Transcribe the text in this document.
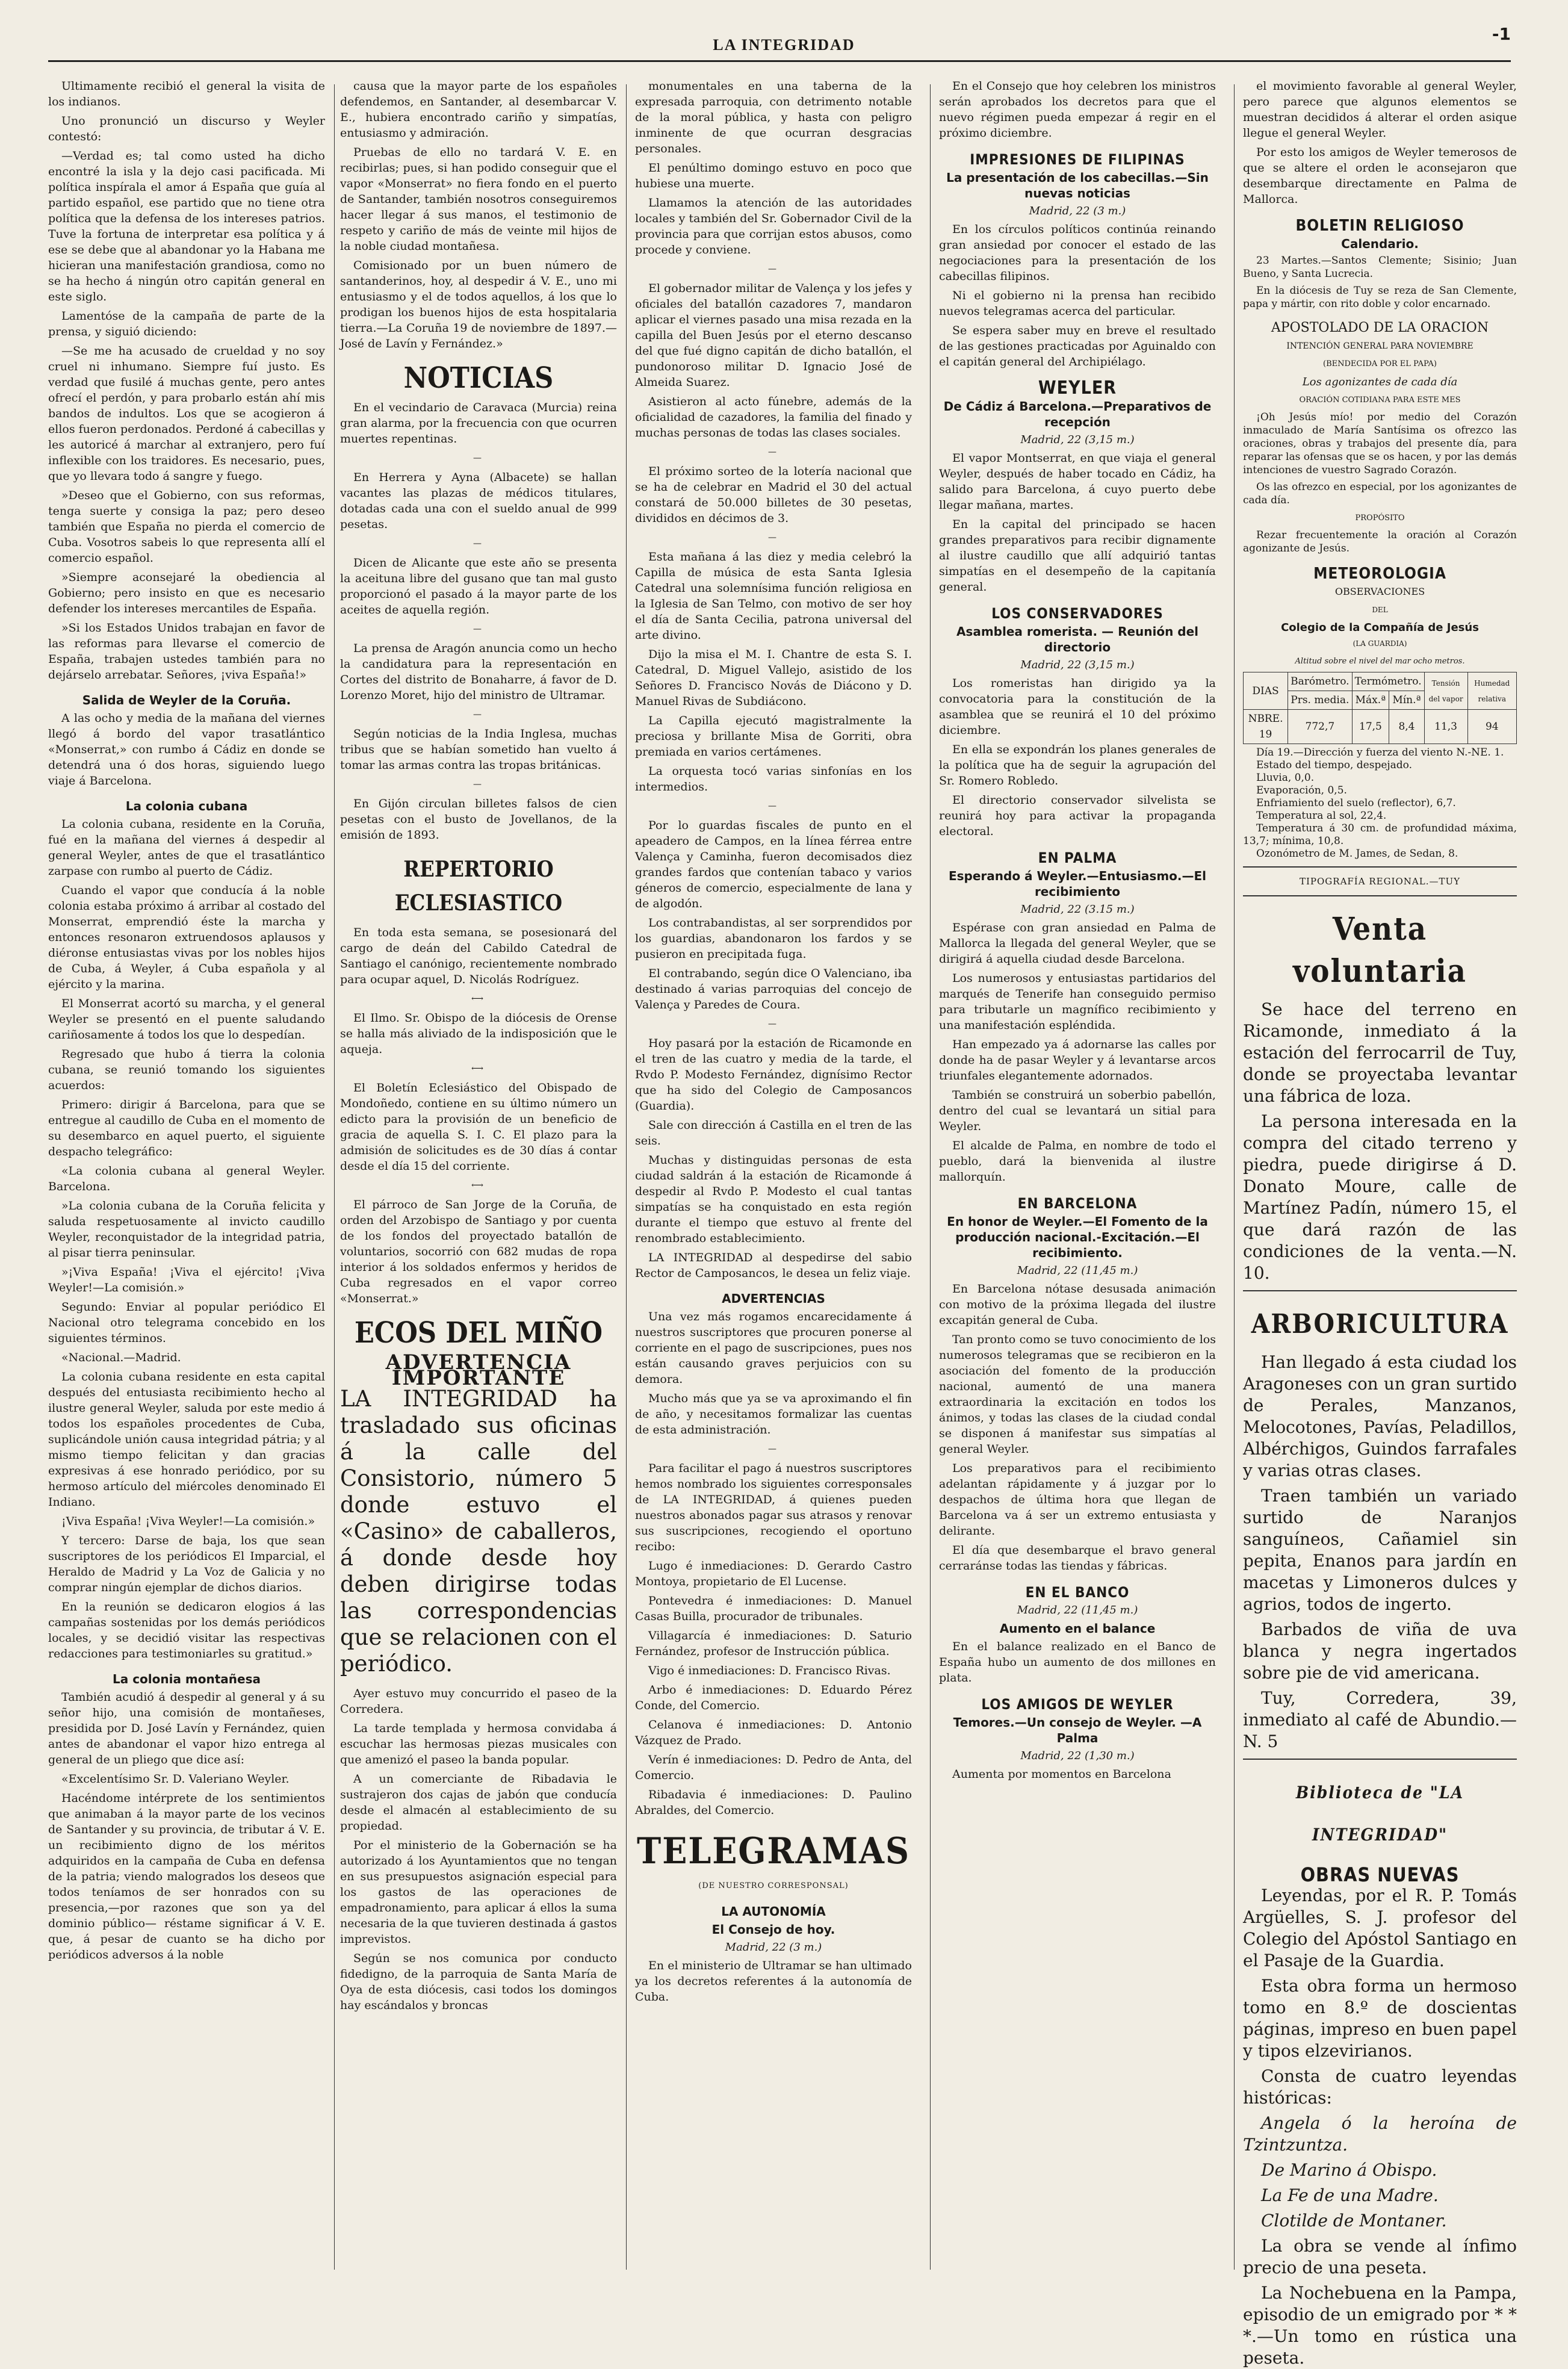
-1
LA INTEGRIDAD

Ultimamente recibió el general la visita de los indianos.

Uno pronunció un discurso y Weyler contestó:

—Verdad es; tal como usted ha dicho encontré la isla y la dejo casi pacificada. Mi política inspírala el amor á España que guía al partido español, ese partido que no tiene otra política que la defensa de los intereses patrios. Tuve la fortuna de interpretar esa política y á ese se debe que al abandonar yo la Habana me hicieran una manifestación grandiosa, como no se ha hecho á ningún otro capitán general en este siglo.

Lamentóse de la campaña de parte de la prensa, y siguió diciendo:

—Se me ha acusado de crueldad y no soy cruel ni inhumano. Siempre fuí justo. Es verdad que fusilé á muchas gente, pero antes ofrecí el perdón, y para probarlo están ahí mis bandos de indultos. Los que se acogieron á ellos fueron perdonados. Perdoné á cabecillas y les autoricé á marchar al extranjero, pero fuí inflexible con los traidores. Es necesario, pues, que yo llevara todo á sangre y fuego.

»Deseo que el Gobierno, con sus reformas, tenga suerte y consiga la paz; pero deseo también que España no pierda el comercio de Cuba. Vosotros sabeis lo que representa allí el comercio español.

»Siempre aconsejaré la obediencia al Gobierno; pero insisto en que es necesario defender los intereses mercantiles de España.

»Si los Estados Unidos trabajan en favor de las reformas para llevarse el comercio de España, trabajen ustedes también para no dejárselo arrebatar. Señores, ¡viva España!»

Salida de Weyler de la Coruña.

A las ocho y media de la mañana del viernes llegó á bordo del vapor trasatlántico «Monserrat,» con rumbo á Cádiz en donde se detendrá una ó dos horas, siguiendo luego viaje á Barcelona.

La colonia cubana

La colonia cubana, residente en la Coruña, fué en la mañana del viernes á despedir al general Weyler, antes de que el trasatlántico zarpase con rumbo al puerto de Cádiz.

Cuando el vapor que conducía á la noble colonia estaba próximo á arribar al costado del Monserrat, emprendió éste la marcha y entonces resonaron extruendosos aplausos y diéronse entusiastas vivas por los nobles hijos de Cuba, á Weyler, á Cuba española y al ejército y la marina.

El Monserrat acortó su marcha, y el general Weyler se presentó en el puente saludando cariñosamente á todos los que lo despedían.

Regresado que hubo á tierra la colonia cubana, se reunió tomando los siguientes acuerdos:

Primero: dirigir á Barcelona, para que se entregue al caudillo de Cuba en el momento de su desembarco en aquel puerto, el siguiente despacho telegráfico:

«La colonia cubana al general Weyler. Barcelona.

»La colonia cubana de la Coruña felicita y saluda respetuosamente al invicto caudillo Weyler, reconquistador de la integridad patria, al pisar tierra peninsular.

»¡Viva España! ¡Viva el ejército! ¡Viva Weyler!—La comisión.»

Segundo: Enviar al popular periódico El Nacional otro telegrama concebido en los siguientes términos.

«Nacional.—Madrid.

La colonia cubana residente en esta capital después del entusiasta recibimiento hecho al ilustre general Weyler, saluda por este medio á todos los españoles procedentes de Cuba, suplicándole unión causa integridad pátria; y al mismo tiempo felicitan y dan gracias expresivas á ese honrado periódico, por su hermoso artículo del miércoles denominado El Indiano.

¡Viva España! ¡Viva Weyler!—La comisión.»

Y tercero: Darse de baja, los que sean suscriptores de los periódicos El Imparcial, el Heraldo de Madrid y La Voz de Galicia y no comprar ningún ejemplar de dichos diarios.

En la reunión se dedicaron elogios á las campañas sostenidas por los demás periódicos locales, y se decidió visitar las respectivas redacciones para testimoniarles su gratitud.»

La colonia montañesa

También acudió á despedir al general y á su señor hijo, una comisión de montañeses, presidida por D. José Lavín y Fernández, quien antes de abandonar el vapor hizo entrega al general de un pliego que dice así:

«Excelentísimo Sr. D. Valeriano Weyler.

Hacéndome intérprete de los sentimientos que animaban á la mayor parte de los vecinos de Santander y su provincia, de tributar á V. E. un recibimiento digno de los méritos adquiridos en la campaña de Cuba en defensa de la patria; viendo malogrados los deseos que todos teníamos de ser honrados con su presencia,—por razones que son ya del dominio público— réstame significar á V. E. que, á pesar de cuanto se ha dicho por periódicos adversos á la noble

causa que la mayor parte de los españoles defendemos, en Santander, al desembarcar V. E., hubiera encontrado cariño y simpatías, entusiasmo y admiración.

Pruebas de ello no tardará V. E. en recibirlas; pues, si han podido conseguir que el vapor «Monserrat» no fiera fondo en el puerto de Santander, también nosotros conseguiremos hacer llegar á sus manos, el testimonio de respeto y cariño de más de veinte mil hijos de la noble ciudad montañesa.

Comisionado por un buen número de santanderinos, hoy, al despedir á V. E., uno mi entusiasmo y el de todos aquellos, á los que lo prodigan los buenos hijos de esta hospitalaria tierra.—La Coruña 19 de noviembre de 1897.—José de Lavín y Fernández.»

NOTICIAS

En el vecindario de Caravaca (Murcia) reina gran alarma, por la frecuencia con que ocurren muertes repentinas.

—

En Herrera y Ayna (Albacete) se hallan vacantes las plazas de médicos titulares, dotadas cada una con el sueldo anual de 999 pesetas.

—

Dicen de Alicante que este año se presenta la aceituna libre del gusano que tan mal gusto proporcionó el pasado á la mayor parte de los aceites de aquella región.

—

La prensa de Aragón anuncia como un hecho la candidatura para la representación en Cortes del distrito de Bonaharre, á favor de D. Lorenzo Moret, hijo del ministro de Ultramar.

—

Según noticias de la India Inglesa, muchas tribus que se habían sometido han vuelto á tomar las armas contra las tropas británicas.

—

En Gijón circulan billetes falsos de cien pesetas con el busto de Jovellanos, de la emisión de 1893.

REPERTORIO ECLESIASTICO

En toda esta semana, se posesionará del cargo de deán del Cabildo Catedral de Santiago el canónigo, recientemente nombrado para ocupar aquel, D. Nicolás Rodríguez.

⟷

El Ilmo. Sr. Obispo de la diócesis de Orense se halla más aliviado de la indisposición que le aqueja.

⟷

El Boletín Eclesiástico del Obispado de Mondoñedo, contiene en su último número un edicto para la provisión de un beneficio de gracia de aquella S. I. C. El plazo para la admisión de solicitudes es de 30 días á contar desde el día 15 del corriente.

⟷

El párroco de San Jorge de la Coruña, de orden del Arzobispo de Santiago y por cuenta de los fondos del proyectado batallón de voluntarios, socorrió con 682 mudas de ropa interior á los soldados enfermos y heridos de Cuba regresados en el vapor correo «Monserrat.»

ECOS DEL MIÑO
ADVERTENCIA IMPORTANTE
LA INTEGRIDAD ha trasladado sus oficinas á la calle del Consistorio, número 5 donde estuvo el «Casino» de caballeros, á donde desde hoy deben dirigirse todas las correspondencias que se relacionen con el periódico.

Ayer estuvo muy concurrido el paseo de la Corredera.

La tarde templada y hermosa convidaba á escuchar las hermosas piezas musicales con que amenizó el paseo la banda popular.

A un comerciante de Ribadavia le sustrajeron dos cajas de jabón que conducía desde el almacén al establecimiento de su propiedad.

Por el ministerio de la Gobernación se ha autorizado á los Ayuntamientos que no tengan en sus presupuestos asignación especial para los gastos de las operaciones de empadronamiento, para aplicar á ellos la suma necesaria de la que tuvieren destinada á gastos imprevistos.

Según se nos comunica por conducto fidedigno, de la parroquia de Santa María de Oya de esta diócesis, casi todos los domingos hay escándalos y broncas

monumentales en una taberna de la expresada parroquia, con detrimento notable de la moral pública, y hasta con peligro inminente de que ocurran desgracias personales.

El penúltimo domingo estuvo en poco que hubiese una muerte.

Llamamos la atención de las autoridades locales y también del Sr. Gobernador Civil de la provincia para que corrijan estos abusos, como procede y conviene.

—

El gobernador militar de Valença y los jefes y oficiales del batallón cazadores 7, mandaron aplicar el viernes pasado una misa rezada en la capilla del Buen Jesús por el eterno descanso del que fué digno capitán de dicho batallón, el pundonoroso militar D. Ignacio José de Almeida Suarez.

Asistieron al acto fúnebre, además de la oficialidad de cazadores, la familia del finado y muchas personas de todas las clases sociales.

—

El próximo sorteo de la lotería nacional que se ha de celebrar en Madrid el 30 del actual constará de 50.000 billetes de 30 pesetas, divididos en décimos de 3.

—

Esta mañana á las diez y media celebró la Capilla de música de esta Santa Iglesia Catedral una solemnísima función religiosa en la Iglesia de San Telmo, con motivo de ser hoy el día de Santa Cecilia, patrona universal del arte divino.

Dijo la misa el M. I. Chantre de esta S. I. Catedral, D. Miguel Vallejo, asistido de los Señores D. Francisco Novás de Diácono y D. Manuel Rivas de Subdiácono.

La Capilla ejecutó magistralmente la preciosa y brillante Misa de Gorriti, obra premiada en varios certámenes.

La orquesta tocó varias sinfonías en los intermedios.

—

Por lo guardas fiscales de punto en el apeadero de Campos, en la línea férrea entre Valença y Caminha, fueron decomisados diez grandes fardos que contenían tabaco y varios géneros de comercio, especialmente de lana y de algodón.

Los contrabandistas, al ser sorprendidos por los guardias, abandonaron los fardos y se pusieron en precipitada fuga.

El contrabando, según dice O Valenciano, iba destinado á varias parroquias del concejo de Valença y Paredes de Coura.

—

Hoy pasará por la estación de Ricamonde en el tren de las cuatro y media de la tarde, el Rvdo P. Modesto Fernández, dignísimo Rector que ha sido del Colegio de Camposancos (Guardia).

Sale con dirección á Castilla en el tren de las seis.

Muchas y distinguidas personas de esta ciudad saldrán á la estación de Ricamonde á despedir al Rvdo P. Modesto el cual tantas simpatías se ha conquistado en esta región durante el tiempo que estuvo al frente del renombrado establecimiento.

LA INTEGRIDAD al despedirse del sabio Rector de Camposancos, le desea un feliz viaje.

ADVERTENCIAS

Una vez más rogamos encarecidamente á nuestros suscriptores que procuren ponerse al corriente en el pago de suscripciones, pues nos están causando graves perjuicios con su demora.

Mucho más que ya se va aproximando el fin de año, y necesitamos formalizar las cuentas de esta administración.

—

Para facilitar el pago á nuestros suscriptores hemos nombrado los siguientes corresponsales de LA INTEGRIDAD, á quienes pueden nuestros abonados pagar sus atrasos y renovar sus suscripciones, recogiendo el oportuno recibo:

Lugo é inmediaciones: D. Gerardo Castro Montoya, propietario de El Lucense.

Pontevedra é inmediaciones: D. Manuel Casas Builla, procurador de tribunales.

Villagarcía é inmediaciones: D. Saturio Fernández, profesor de Instrucción pública.

Vigo é inmediaciones: D. Francisco Rivas.

Arbo é inmediaciones: D. Eduardo Pérez Conde, del Comercio.

Celanova é inmediaciones: D. Antonio Vázquez de Prado.

Verín é inmediaciones: D. Pedro de Anta, del Comercio.

Ribadavia é inmediaciones: D. Paulino Abraldes, del Comercio.

TELEGRAMAS
(DE NUESTRO CORRESPONSAL)
LA AUTONOMÍA
El Consejo de hoy.
Madrid, 22 (3 m.)

En el ministerio de Ultramar se han ultimado ya los decretos referentes á la autonomía de Cuba.

En el Consejo que hoy celebren los ministros serán aprobados los decretos para que el nuevo régimen pueda empezar á regir en el próximo diciembre.

IMPRESIONES DE FILIPINAS
La presentación de los cabecillas.—Sin nuevas noticias
Madrid, 22 (3 m.)

En los círculos políticos continúa reinando gran ansiedad por conocer el estado de las negociaciones para la presentación de los cabecillas filipinos.

Ni el gobierno ni la prensa han recibido nuevos telegramas acerca del particular.

Se espera saber muy en breve el resultado de las gestiones practicadas por Aguinaldo con el capitán general del Archipiélago.

WEYLER
De Cádiz á Barcelona.—Preparativos de recepción
Madrid, 22 (3,15 m.)

El vapor Montserrat, en que viaja el general Weyler, después de haber tocado en Cádiz, ha salido para Barcelona, á cuyo puerto debe llegar mañana, martes.

En la capital del principado se hacen grandes preparativos para recibir dignamente al ilustre caudillo que allí adquirió tantas simpatías en el desempeño de la capitanía general.

LOS CONSERVADORES
Asamblea romerista. — Reunión del directorio
Madrid, 22 (3,15 m.)

Los romeristas han dirigido ya la convocatoria para la constitución de la asamblea que se reunirá el 10 del próximo diciembre.

En ella se expondrán los planes generales de la política que ha de seguir la agrupación del Sr. Romero Robledo.

El directorio conservador silvelista se reunirá hoy para activar la propaganda electoral.

EN PALMA
Esperando á Weyler.—Entusiasmo.—El recibimiento
Madrid, 22 (3.15 m.)

Espérase con gran ansiedad en Palma de Mallorca la llegada del general Weyler, que se dirigirá á aquella ciudad desde Barcelona.

Los numerosos y entusiastas partidarios del marqués de Tenerife han conseguido permiso para tributarle un magnífico recibimiento y una manifestación espléndida.

Han empezado ya á adornarse las calles por donde ha de pasar Weyler y á levantarse arcos triunfales elegantemente adornados.

También se construirá un soberbio pabellón, dentro del cual se levantará un sitial para Weyler.

El alcalde de Palma, en nombre de todo el pueblo, dará la bienvenida al ilustre mallorquín.

EN BARCELONA
En honor de Weyler.—El Fomento de la producción nacional.-Excitación.—El recibimiento.
Madrid, 22 (11,45 m.)

En Barcelona nótase desusada animación con motivo de la próxima llegada del ilustre excapitán general de Cuba.

Tan pronto como se tuvo conocimiento de los numerosos telegramas que se recibieron en la asociación del fomento de la producción nacional, aumentó de una manera extraordinaria la excitación en todos los ánimos, y todas las clases de la ciudad condal se disponen á manifestar sus simpatías al general Weyler.

Los preparativos para el recibimiento adelantan rápidamente y á juzgar por lo despachos de última hora que llegan de Barcelona va á ser un extremo entusiasta y delirante.

El día que desembarque el bravo general cerraránse todas las tiendas y fábricas.

EN EL BANCO
Madrid, 22 (11,45 m.)
Aumento en el balance

En el balance realizado en el Banco de España hubo un aumento de dos millones en plata.

LOS AMIGOS DE WEYLER
Temores.—Un consejo de Weyler. —A Palma
Madrid, 22 (1,30 m.)

Aumenta por momentos en Barcelona

el movimiento favorable al general Weyler, pero parece que algunos elementos se muestran decididos á alterar el orden asique llegue el general Weyler.

Por esto los amigos de Weyler temerosos de que se altere el orden le aconsejaron que desembarque directamente en Palma de Mallorca.

BOLETIN RELIGIOSO
Calendario.

23 Martes.—Santos Clemente; Sisinio; Juan Bueno, y Santa Lucrecia.

En la diócesis de Tuy se reza de San Clemente, papa y mártir, con rito doble y color encarnado.

APOSTOLADO DE LA ORACION
INTENCIÓN GENERAL PARA NOVIEMBRE
(BENDECIDA POR EL PAPA)
Los agonizantes de cada día
ORACIÓN COTIDIANA PARA ESTE MES

¡Oh Jesús mío! por medio del Corazón inmaculado de María Santísima os ofrezco las oraciones, obras y trabajos del presente día, para reparar las ofensas que se os hacen, y por las demás intenciones de vuestro Sagrado Corazón.

Os las ofrezco en especial, por los agonizantes de cada día.

PROPÓSITO

Rezar frecuentemente la oración al Corazón agonizante de Jesús.

METEOROLOGIA
OBSERVACIONES
DEL
Colegio de la Compañía de Jesús
(LA GUARDIA)
Altitud sobre el nivel del mar ocho metros.
DIAS	Barómetro.	Termómetro.		Tensión del vapor	Humedad relativa
	Prs. media.	Máx.ª	Mín.ª		
NBRE. 19	772,7	17,5	8,4	11,3	94

Día 19.—Dirección y fuerza del viento N.-NE. 1.

Estado del tiempo, despejado.

Lluvia, 0,0.

Evaporación, 0,5.

Enfriamiento del suelo (reflector), 6,7.

Temperatura al sol, 22,4.

Temperatura á 30 cm. de profundidad máxima, 13,7; mínima, 10,8.

Ozonómetro de M. James, de Sedan, 8.

TIPOGRAFÍA REGIONAL.—TUY
Venta voluntaria

Se hace del terreno en Ricamonde, inmediato á la estación del ferrocarril de Tuy, donde se proyectaba levantar una fábrica de loza.

La persona interesada en la compra del citado terreno y piedra, puede dirigirse á D. Donato Moure, calle de Martínez Padín, número 15, el que dará razón de las condiciones de la venta.—N. 10.

ARBORICULTURA

Han llegado á esta ciudad los Aragoneses con un gran surtido de Perales, Manzanos, Melocotones, Pavías, Peladillos, Albérchigos, Guindos farrafales y varias otras clases.

Traen también un variado surtido de Naranjos sanguíneos, Cañamiel sin pepita, Enanos para jardín en macetas y Limoneros dulces y agrios, todos de ingerto.

Barbados de viña de uva blanca y negra ingertados sobre pie de vid americana.

Tuy, Corredera, 39, inmediato al café de Abundio.—N. 5

Biblioteca de "LA INTEGRIDAD"
OBRAS NUEVAS

Leyendas, por el R. P. Tomás Argüelles, S. J. profesor del Colegio del Apóstol Santiago en el Pasaje de la Guardia.

Esta obra forma un hermoso tomo en 8.º de doscientas páginas, impreso en buen papel y tipos elzevirianos.

Consta de cuatro leyendas históricas:

Angela ó la heroína de Tzintzuntza.

De Marino á Obispo.

La Fe de una Madre.

Clotilde de Montaner.

La obra se vende al ínfimo precio de una peseta.

La Nochebuena en la Pampa, episodio de un emigrado por * * *.—Un tomo en rústica una peseta.
